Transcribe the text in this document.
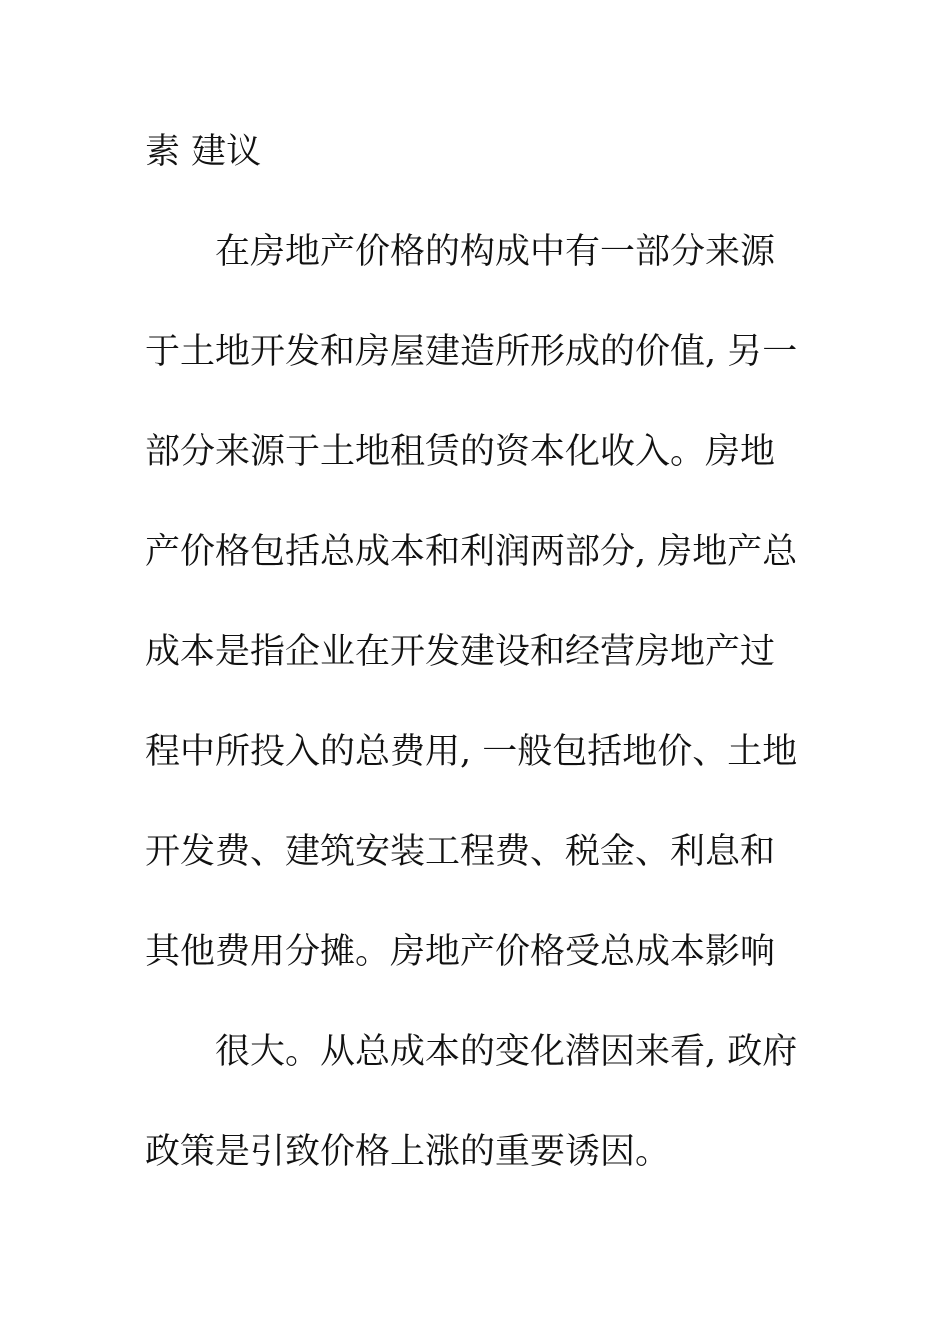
素 建议
在房地产价格的构成中有一部分来源
于土地开发和房屋建造所形成的价值, 另一
部分来源于土地租赁的资本化收入。房地
产价格包括总成本和利润两部分, 房地产总
成本是指企业在开发建设和经营房地产过
程中所投入的总费用, 一般包括地价、土地
开发费、建筑安装工程费、税金、利息和
其他费用分摊。房地产价格受总成本影响
很大。从总成本的变化潜因来看, 政府
政策是引致价格上涨的重要诱因。
